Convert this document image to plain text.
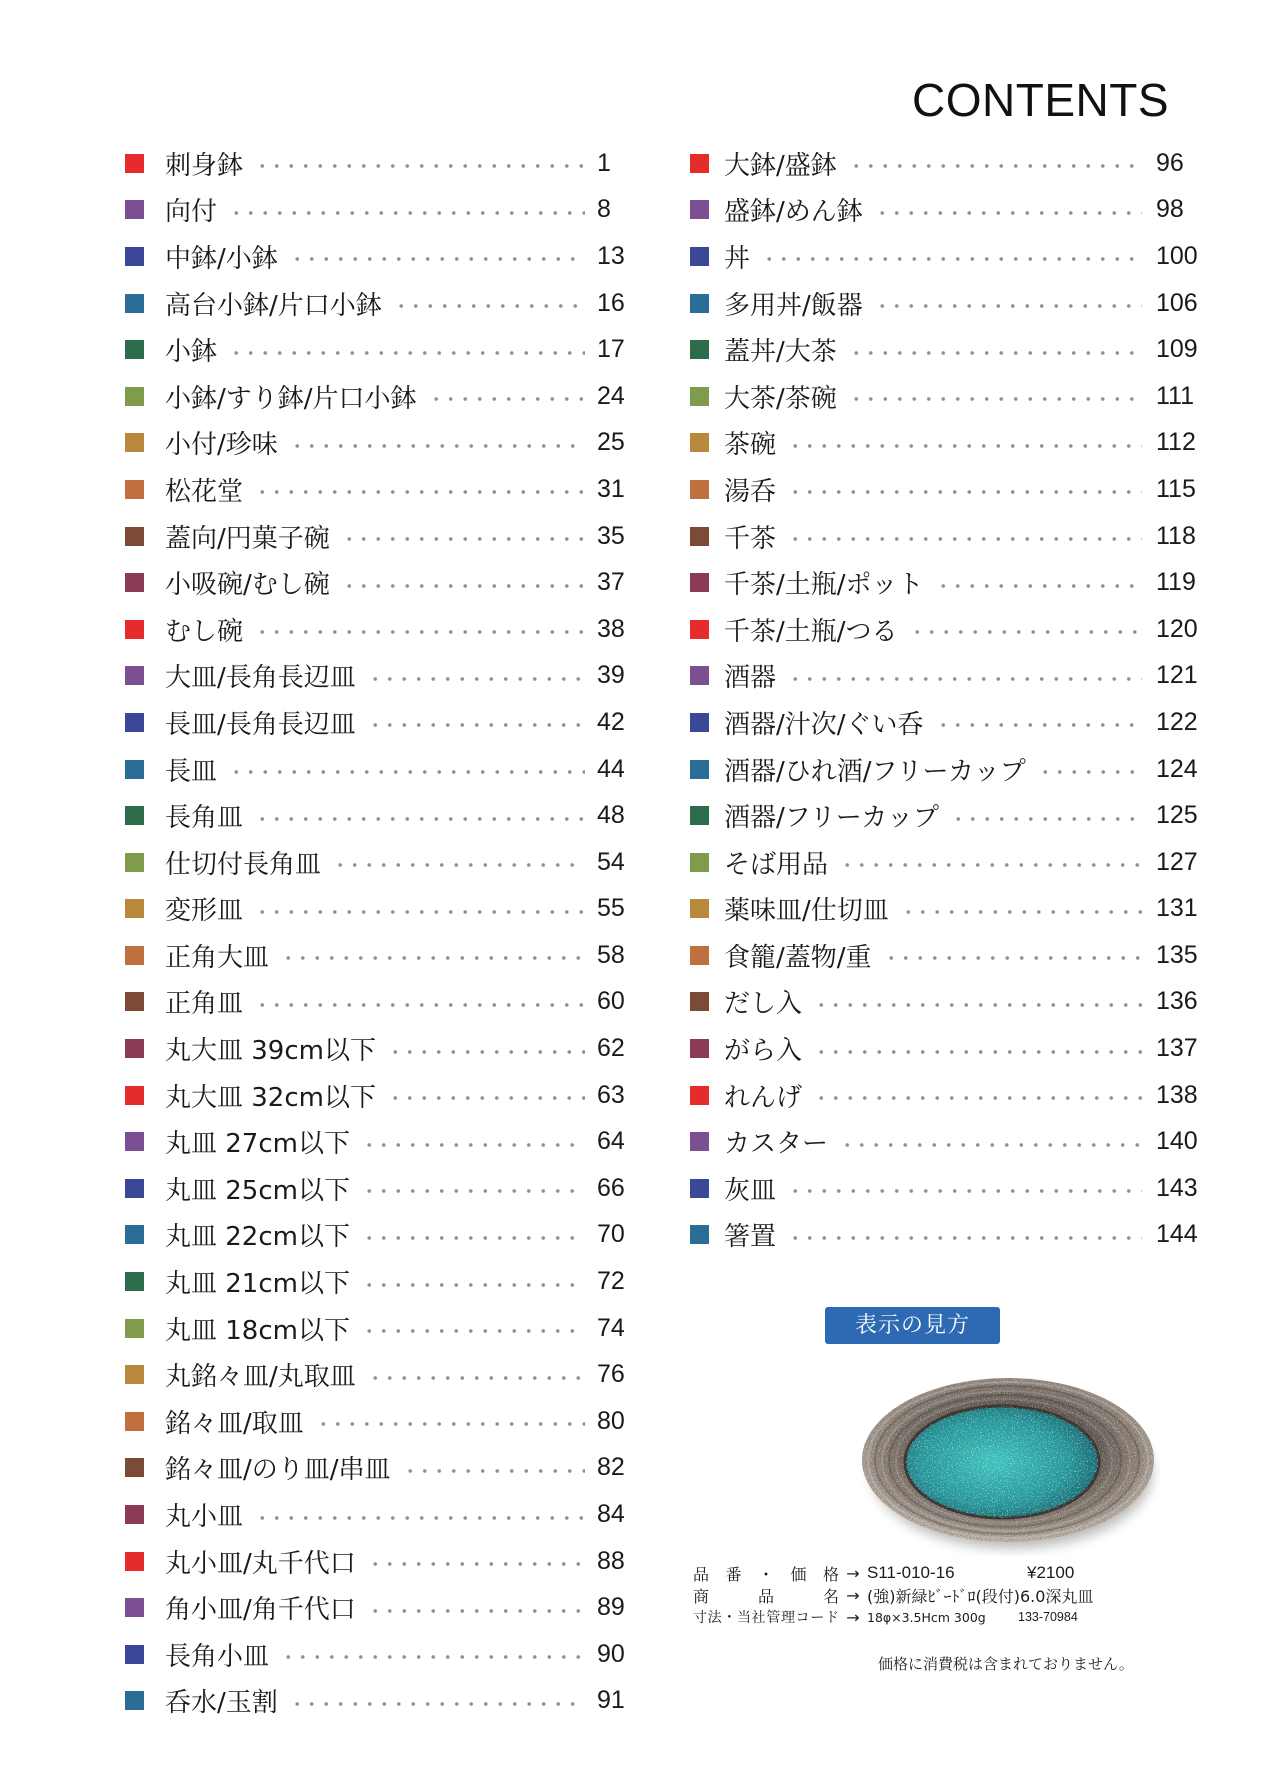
CONTENTS
刺身鉢	1
向付	8
中鉢/小鉢	13
高台小鉢/片口小鉢	16
小鉢	17
小鉢/すり鉢/片口小鉢	24
小付/珍味	25
松花堂	31
蓋向/円菓子碗	35
小吸碗/むし碗	37
むし碗	38
大皿/長角長辺皿	39
長皿/長角長辺皿	42
長皿	44
長角皿	48
仕切付長角皿	54
変形皿	55
正角大皿	58
正角皿	60
丸大皿 39cm以下	62
丸大皿 32cm以下	63
丸皿 27cm以下	64
丸皿 25cm以下	66
丸皿 22cm以下	70
丸皿 21cm以下	72
丸皿 18cm以下	74
丸銘々皿/丸取皿	76
銘々皿/取皿	80
銘々皿/のり皿/串皿	82
丸小皿	84
丸小皿/丸千代口	88
角小皿/角千代口	89
長角小皿	90
呑水/玉割	91
大鉢/盛鉢	96
盛鉢/めん鉢	98
丼	100
多用丼/飯器	106
蓋丼/大茶	109
大茶/茶碗	111
茶碗	112
湯呑	115
千茶	118
千茶/土瓶/ポット	119
千茶/土瓶/つる	120
酒器	121
酒器/汁次/ぐい呑	122
酒器/ひれ酒/フリーカップ	124
酒器/フリーカップ	125
そば用品	127
薬味皿/仕切皿	131
食籠/蓋物/重	135
だし入	136
がら入	137
れんげ	138
カスター	140
灰皿	143
箸置	144
表示の見方
品番・価格 → S11-010-16	¥2100
商品名 → (強)新緑ﾋﾞｰﾄﾞﾛ(段付)6.0深丸皿
寸法・当社管理コード → 18φ×3.5Hcm 300g	133-70984
価格に消費税は含まれておりません。
